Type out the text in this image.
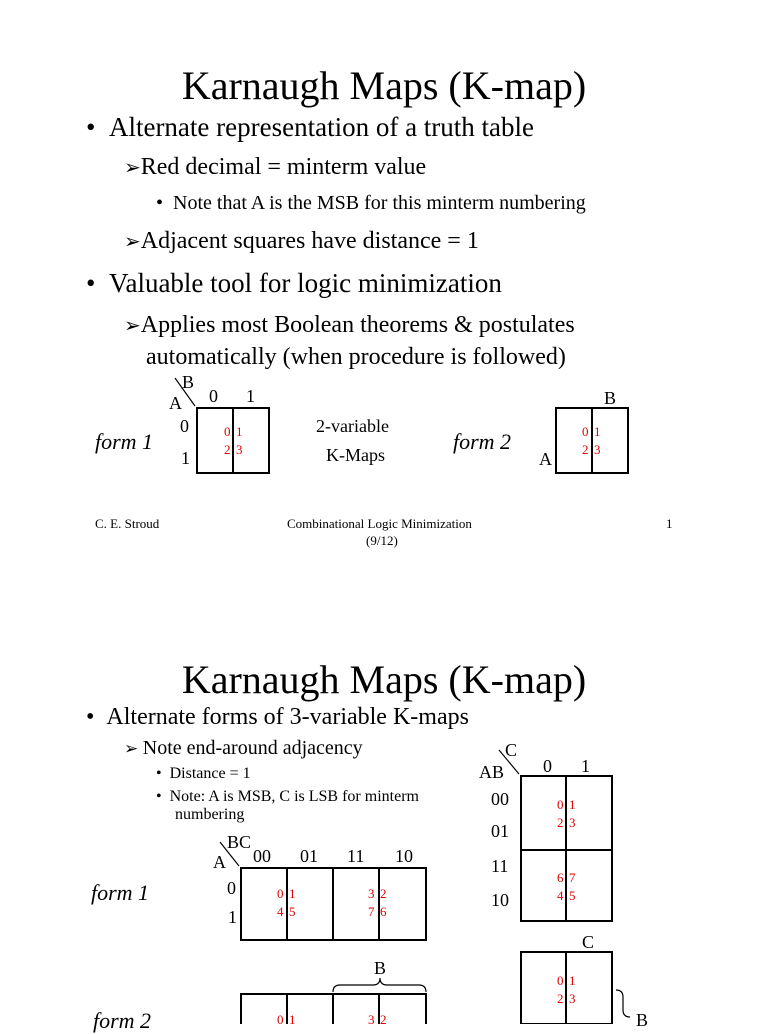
Karnaugh Maps (K-map)
•  Alternate representation of a truth table
➢Red decimal = minterm value
•  Note that A is the MSB for this minterm numbering
➢Adjacent squares have distance = 1
•  Valuable tool for logic minimization
➢Applies most Boolean theorems & postulates
automatically (when procedure is followed)
form 1
B
A 0 1
0
1
0 1
2 3
2-variable
K-Maps
form 2
B
A
0 1
2 3
C. E. Stroud	Combinational Logic Minimization
(9/12)
1
Karnaugh Maps (K-map)
•  Alternate forms of 3-variable K-maps
➢ Note end-around adjacency
•  Distance = 1
•  Note: A is MSB, C is LSB for minterm
numbering
form 1
BC
A 00 01 11 10
0
1
0 1	3 2
4 5	7 6
C
AB 0 1
00
01
11
10
0 1
2 3
6 7
4 5
B
form 2	0 1	3 2
C
0 1
2 3
B
